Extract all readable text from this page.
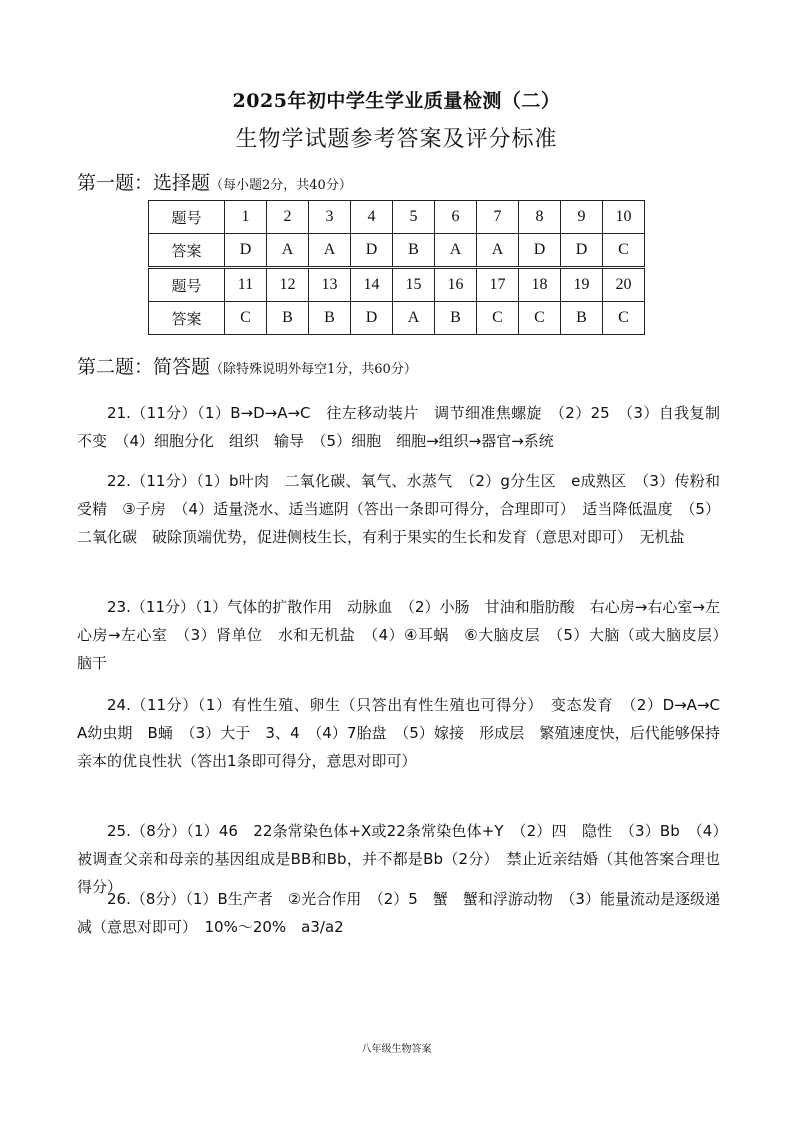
2025年初中学生学业质量检测（二）
生物学试题参考答案及评分标准
第一题：选择题（每小题2分，共40分）
题号	1	2	3	4	5	6	7	8	9	10
答案	D	A	A	D	B	A	A	D	D	C
题号	11	12	13	14	15	16	17	18	19	20
答案	C	B	B	D	A	B	C	C	B	C
第二题：简答题（除特殊说明外每空1分，共60分）

21.（11分）（1）B→D→A→C　往左移动装片　调节细准焦螺旋　（2）25　（3）自我复制　不变　（4）细胞分化　组织　输导　（5）细胞　细胞→组织→器官→系统

22.（11分）（1）b叶肉　二氧化碳、氧气、水蒸气　（2）g分生区　e成熟区　（3）传粉和受精　③子房　（4）适量浇水、适当遮阴（答出一条即可得分，合理即可）　适当降低温度　（5）二氧化碳　破除顶端优势，促进侧枝生长，有利于果实的生长和发育（意思对即可）　无机盐

23.（11分）（1）气体的扩散作用　动脉血　（2）小肠　甘油和脂肪酸　右心房→右心室→左心房→左心室　（3）肾单位　水和无机盐　（4）④耳蜗　⑥大脑皮层　（5）大脑（或大脑皮层）　脑干

24.（11分）（1）有性生殖、卵生（只答出有性生殖也可得分）　变态发育　（2）D→A→C　A幼虫期　B蛹　（3）大于　3、4　（4）7胎盘　（5）嫁接　形成层　繁殖速度快，后代能够保持亲本的优良性状（答出1条即可得分，意思对即可）

25.（8分）（1）46　22条常染色体+X或22条常染色体+Y　（2）四　隐性　（3）Bb　（4）被调查父亲和母亲的基因组成是BB和Bb，并不都是Bb（2分）　禁止近亲结婚（其他答案合理也得分）

26.（8分）（1）B生产者　②光合作用　（2）5　蟹　蟹和浮游动物　（3）能量流动是逐级递减（意思对即可）　10%～20%　a3/a2

八年级生物答案
